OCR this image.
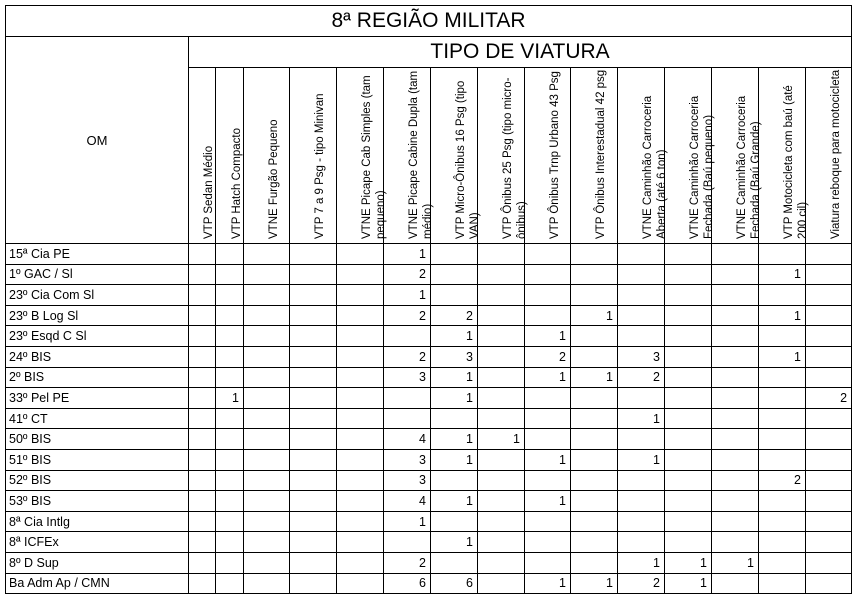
8ª REGIÃO MILITAR															
OM	TIPO DE VIATURA														

	VTP Sedan Médio	VTP Hatch Compacto	VTNE Furgão Pequeno	VTP 7 a 9 Psg - tipo Minivan	VTNE Picape Cab Simples (tam pequeno)	VTNE Picape Cabine Dupla (tam médio)	VTP Micro-Ônibus 16 Psg (tipo VAN)	VTP Ônibus 25 Psg (tipo micro-ônibus)	VTP Ônibus Trnp Urbano 43 Psg	VTP Ônibus Interestadual 42 psg	VTNE Caminhão Carroceria Aberta (até 6 ton)	VTNE Caminhão Carroceria Fechada (Baú pequeno)	VTNE Caminhão Carroceria Fechada (Baú Grande)	VTP Motocicleta com baú (até 200 cil)	Viatura reboque para motocicleta

15ª Cia PE						1									
1º GAC / Sl						2								1	
23º Cia Com Sl						1									
23º B Log Sl						2	2			1				1	
23º Esqd C Sl							1		1						
24º BIS						2	3		2		3			1	
2º BIS						3	1		1	1	2				
33º Pel PE		1					1								2
41º CT											1				
50º BIS						4	1	1							
51º BIS						3	1		1		1				
52º BIS						3								2	
53º BIS						4	1		1						
8ª Cia Intlg						1									
8ª ICFEx							1								
8º D Sup						2					1	1	1		
Ba Adm Ap / CMN						6	6		1	1	2	1			
